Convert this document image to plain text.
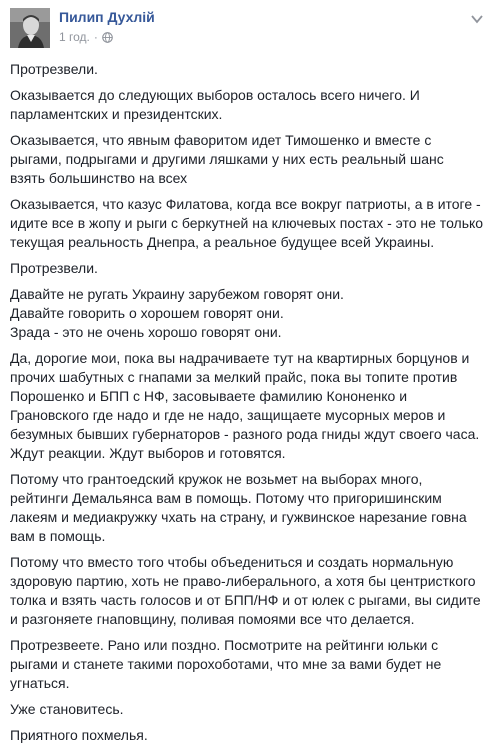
Пилип Духлій
1 год. ·

Протрезвели.

Оказывается до следующих выборов осталось всего ничего. И
парламентских и президентских.

Оказывается, что явным фаворитом идет Тимошенко и вместе с
рыгами, подрыгами и другими ляшками у них есть реальный шанс
взять большинство на всех

Оказывается, что казус Филатова, когда все вокруг патриоты, а в итоге -
идите все в жопу и рыги с беркутней на ключевых постах - это не только
текущая реальность Днепра, а реальное будущее всей Украины.

Протрезвели.

Давайте не ругать Украину зарубежом говорят они.
Давайте говорить о хорошем говорят они.
Зрада - это не очень хорошо говорят они.

Да, дорогие мои, пока вы надрачиваете тут на квартирных борцунов и
прочих шабутных с гнапами за мелкий прайс, пока вы топите против
Порошенко и БПП с НФ, засовываете фамилию Кононенко и
Грановского где надо и где не надо, защищаете мусорных меров и
безумных бывших губернаторов - разного рода гниды ждут своего часа.
Ждут реакции. Ждут выборов и готовятся.

Потому что грантоедский кружок не возьмет на выборах много,
рейтинги Демальянса вам в помощь. Потому что пригоришинским
лакеям и медиакружку чхать на страну, и гужвинское нарезание говна
вам в помощь.

Потому что вместо того чтобы объедениться и создать нормальную
здоровую партию, хоть не право-либерального, а хотя бы центристкого
толка и взять часть голосов и от БПП/НФ и от юлек с рыгами, вы сидите
и разгоняете гнаповщину, поливая помоями все что делается.

Протрезвеете. Рано или поздно. Посмотрите на рейтинги юльки с
рыгами и станете такими порохоботами, что мне за вами будет не
угнаться.

Уже становитесь.

Приятного похмелья.
